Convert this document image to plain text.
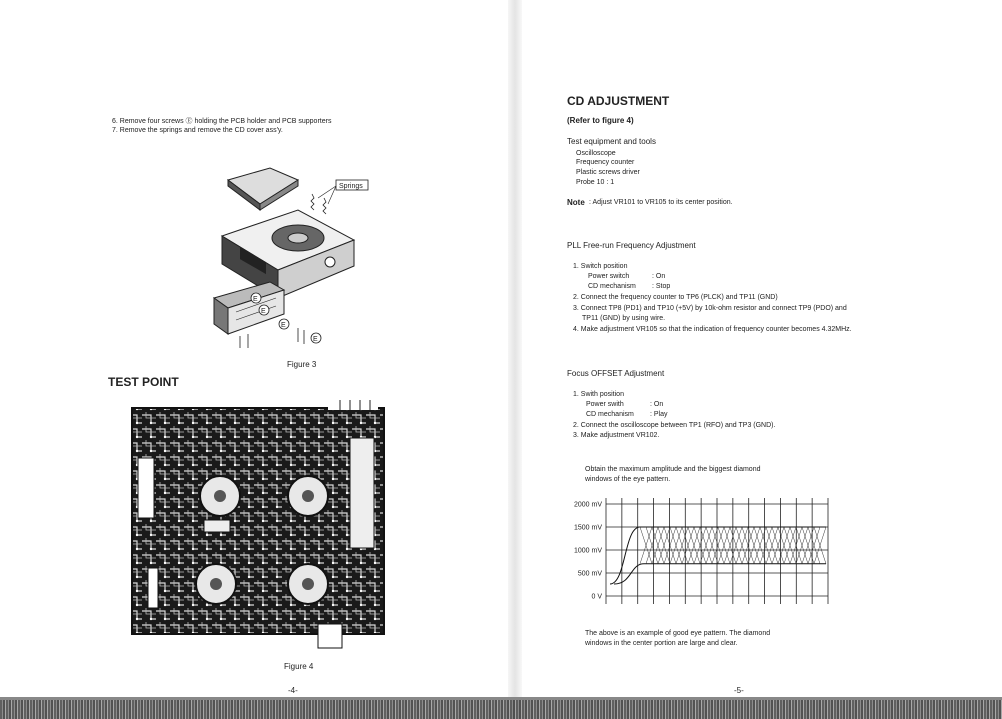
6. Remove four screws Ⓔ holding the PCB holder and PCB supporters
7. Remove the springs and remove the CD cover ass'y.
Springs
E
E
E
E
Figure 3
TEST POINT
Figure 4
-4-
CD ADJUSTMENT
(Refer to figure 4)
Test equipment and tools
Oscilloscope
Frequency counter
Plastic screws driver
Probe 10 : 1
Note : Adjust VR101 to VR105 to its center position.
PLL Free-run Frequency Adjustment
1. Switch position
Power switch	: On
CD mechanism : Stop
2. Connect the frequency counter to TP6 (PLCK) and TP11 (GND)
3. Connect TP8 (PD1) and TP10 (+5V) by 10k-ohm resistor and connect TP9 (PDO) and
TP11 (GND) by using wire.
4. Make adjustment VR105 so that the indication of frequency counter becomes 4.32MHz.
Focus OFFSET Adjustment
1. Swith position
Power swith	: On
CD mechanism : Play
2. Connect the oscilloscope between TP1 (RFO) and TP3 (GND).
3. Make adjustment VR102.
Obtain the maximum amplitude and the biggest diamond
windows of the eye pattern.
2000 mV
1500 mV
1000 mV
500 mV
0 V
The above is an example of good eye pattern. The diamond
windows in the center portion are large and clear.
-5-
